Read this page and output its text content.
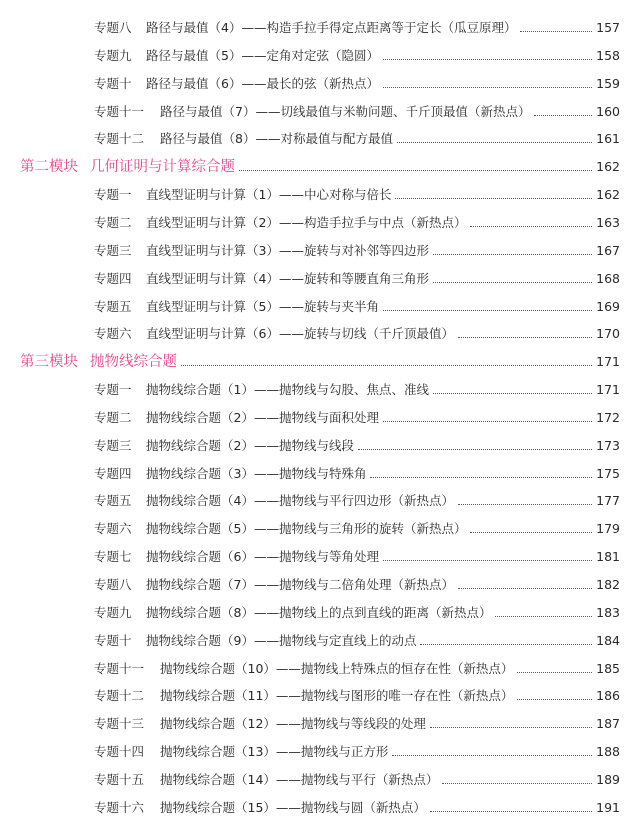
专题八	路径与最值（4）——构造手拉手得定点距离等于定长（瓜豆原理）	157
专题九	路径与最值（5）——定角对定弦（隐圆）	158
专题十	路径与最值（6）——最长的弦（新热点）	159
专题十一	路径与最值（7）——切线最值与米勒问题、千斤顶最值（新热点）	160
专题十二	路径与最值（8）——对称最值与配方最值	161
第二模块 几何证明与计算综合题	162
专题一	直线型证明与计算（1）——中心对称与倍长	162
专题二	直线型证明与计算（2）——构造手拉手与中点（新热点）	163
专题三	直线型证明与计算（3）——旋转与对补邻等四边形	167
专题四	直线型证明与计算（4）——旋转和等腰直角三角形	168
专题五	直线型证明与计算（5）——旋转与夹半角	169
专题六	直线型证明与计算（6）——旋转与切线（千斤顶最值）	170
第三模块 抛物线综合题	171
专题一	抛物线综合题（1）——抛物线与勾股、焦点、准线	171
专题二	抛物线综合题（2）——抛物线与面积处理	172
专题三	抛物线综合题（2）——抛物线与线段	173
专题四	抛物线综合题（3）——抛物线与特殊角	175
专题五	抛物线综合题（4）——抛物线与平行四边形（新热点）	177
专题六	抛物线综合题（5）——抛物线与三角形的旋转（新热点）	179
专题七	抛物线综合题（6）——抛物线与等角处理	181
专题八	抛物线综合题（7）——抛物线与二倍角处理（新热点）	182
专题九	抛物线综合题（8）——抛物线上的点到直线的距离（新热点）	183
专题十	抛物线综合题（9）——抛物线与定直线上的动点	184
专题十一	抛物线综合题（10）——抛物线上特殊点的恒存在性（新热点）	185
专题十二	抛物线综合题（11）——抛物线与图形的唯一存在性（新热点）	186
专题十三	抛物线综合题（12）——抛物线与等线段的处理	187
专题十四	抛物线综合题（13）——抛物线与正方形	188
专题十五	抛物线综合题（14）——抛物线与平行（新热点）	189
专题十六	抛物线综合题（15）——抛物线与圆（新热点）	191
